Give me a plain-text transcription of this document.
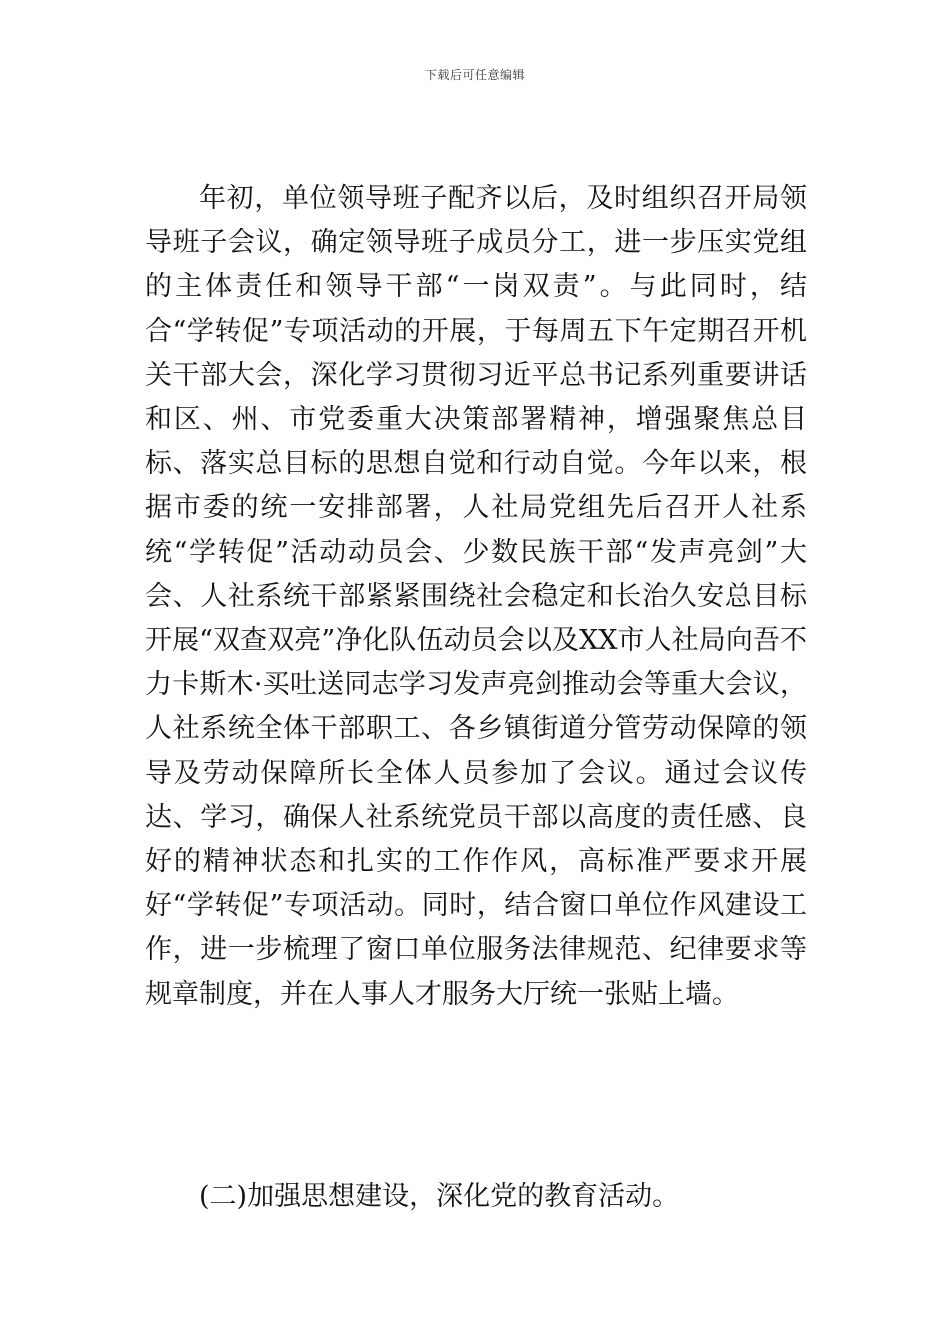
下载后可任意编辑

年初，单位领导班子配齐以后，及时组织召开局领导班子会议，确定领导班子成员分工，进一步压实党组的主体责任和领导干部“一岗双责”。与此同时，结合“学转促”专项活动的开展，于每周五下午定期召开机关干部大会，深化学习贯彻习近平总书记系列重要讲话和区、州、市党委重大决策部署精神，增强聚焦总目标、落实总目标的思想自觉和行动自觉。今年以来，根据市委的统一安排部署，人社局党组先后召开人社系统“学转促”活动动员会、少数民族干部“发声亮剑”大会、人社系统干部紧紧围绕社会稳定和长治久安总目标开展“双查双亮”净化队伍动员会以及XX市人社局向吾不力卡斯木·买吐送同志学习发声亮剑推动会等重大会议，人社系统全体干部职工、各乡镇街道分管劳动保障的领导及劳动保障所长全体人员参加了会议。通过会议传达、学习，确保人社系统党员干部以高度的责任感、良好的精神状态和扎实的工作作风，高标准严要求开展好“学转促”专项活动。同时，结合窗口单位作风建设工作，进一步梳理了窗口单位服务法律规范、纪律要求等规章制度，并在人事人才服务大厅统一张贴上墙。

(二)加强思想建设，深化党的教育活动。
